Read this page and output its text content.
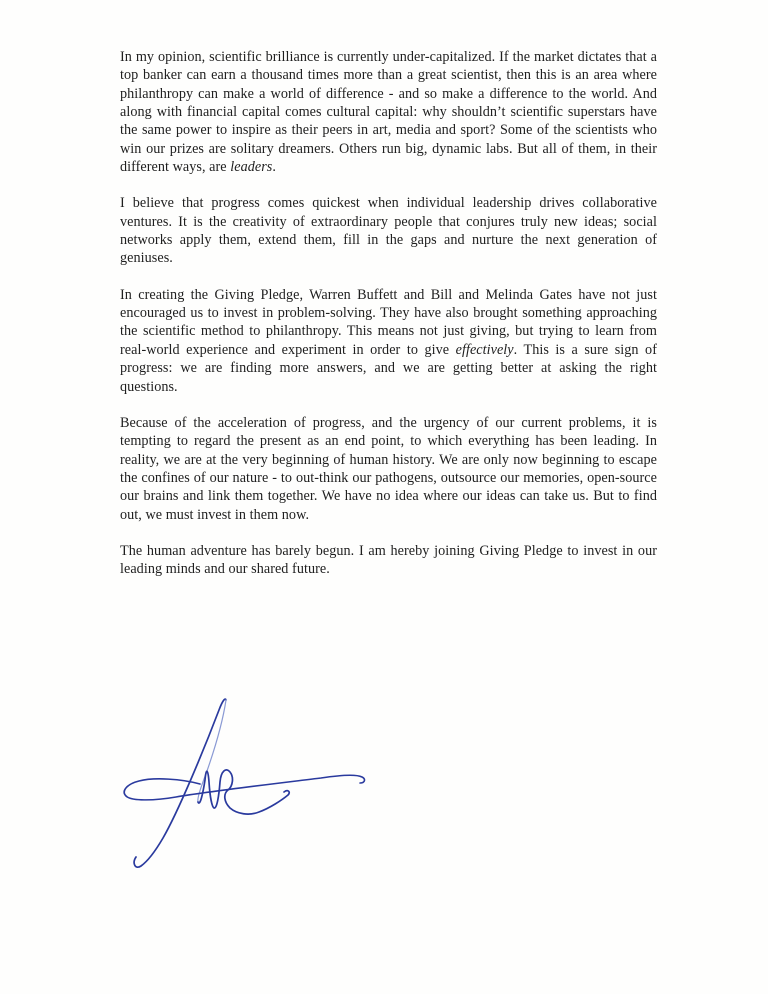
In my opinion, scientific brilliance is currently under-capitalized. If the market dictates that a top banker can earn a thousand times more than a great scientist, then this is an area where philanthropy can make a world of difference - and so make a difference to the world. And along with financial capital comes cultural capital: why shouldn’t scientific superstars have the same power to inspire as their peers in art, media and sport? Some of the scientists who win our prizes are solitary dreamers. Others run big, dynamic labs. But all of them, in their different ways, are leaders.

I believe that progress comes quickest when individual leadership drives collaborative ventures. It is the creativity of extraordinary people that conjures truly new ideas; social networks apply them, extend them, fill in the gaps and nurture the next generation of geniuses.

In creating the Giving Pledge, Warren Buffett and Bill and Melinda Gates have not just encouraged us to invest in problem-solving. They have also brought something approaching the scientific method to philanthropy. This means not just giving, but trying to learn from real-world experience and experiment in order to give effectively. This is a sure sign of progress: we are finding more answers, and we are getting better at asking the right questions.

Because of the acceleration of progress, and the urgency of our current problems, it is tempting to regard the present as an end point, to which everything has been leading. In reality, we are at the very beginning of human history. We are only now beginning to escape the confines of our nature - to out-think our pathogens, outsource our memories, open-source our brains and link them together. We have no idea where our ideas can take us. But to find out, we must invest in them now.

The human adventure has barely begun. I am hereby joining Giving Pledge to invest in our leading minds and our shared future.
